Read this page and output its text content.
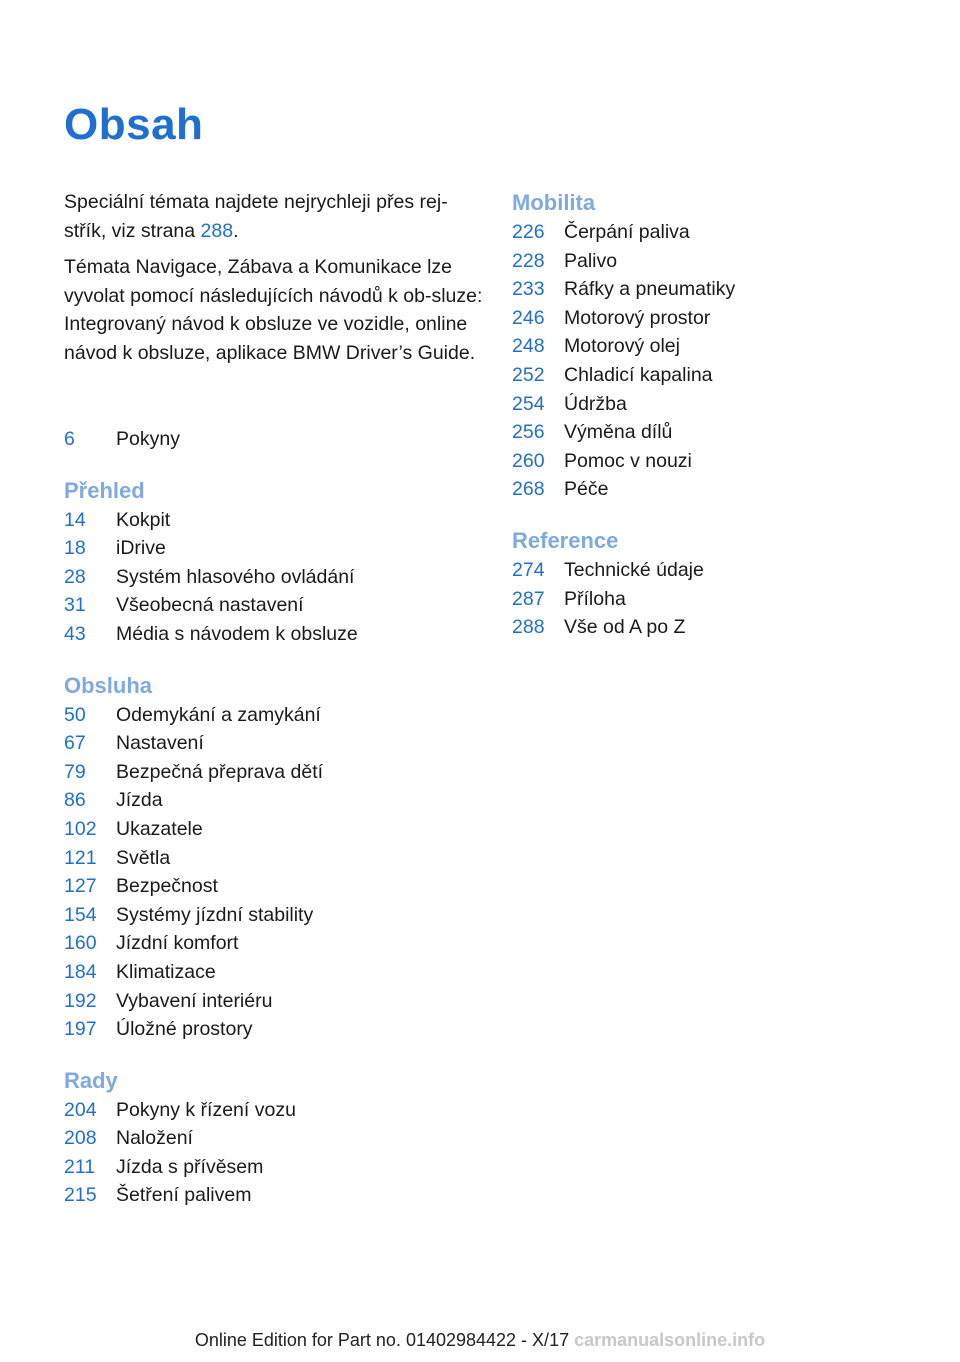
Obsah

Speciální témata najdete nejrychleji přes rej‐střík, viz strana 288.

Témata Navigace, Zábava a Komunikace lze vyvolat pomocí následujících návodů k ob‐sluze: Integrovaný návod k obsluze ve vozidle, online návod k obsluze, aplikace BMW Driver’s Guide.

6 Pokyny
Přehled
14 Kokpit
18 iDrive
28 Systém hlasového ovládání
31 Všeobecná nastavení
43 Média s návodem k obsluze
Obsluha
50 Odemykání a zamykání
67 Nastavení
79 Bezpečná přeprava dětí
86 Jízda
102 Ukazatele
121 Světla
127 Bezpečnost
154 Systémy jízdní stability
160 Jízdní komfort
184 Klimatizace
192 Vybavení interiéru
197 Úložné prostory
Rady
204 Pokyny k řízení vozu
208 Naložení
211 Jízda s přívěsem
215 Šetření palivem
Mobilita
226 Čerpání paliva
228 Palivo
233 Ráfky a pneumatiky
246 Motorový prostor
248 Motorový olej
252 Chladicí kapalina
254 Údržba
256 Výměna dílů
260 Pomoc v nouzi
268 Péče
Reference
274 Technické údaje
287 Příloha
288 Vše od A po Z
Online Edition for Part no. 01402984422 - X/17 carmanualsonline.info
